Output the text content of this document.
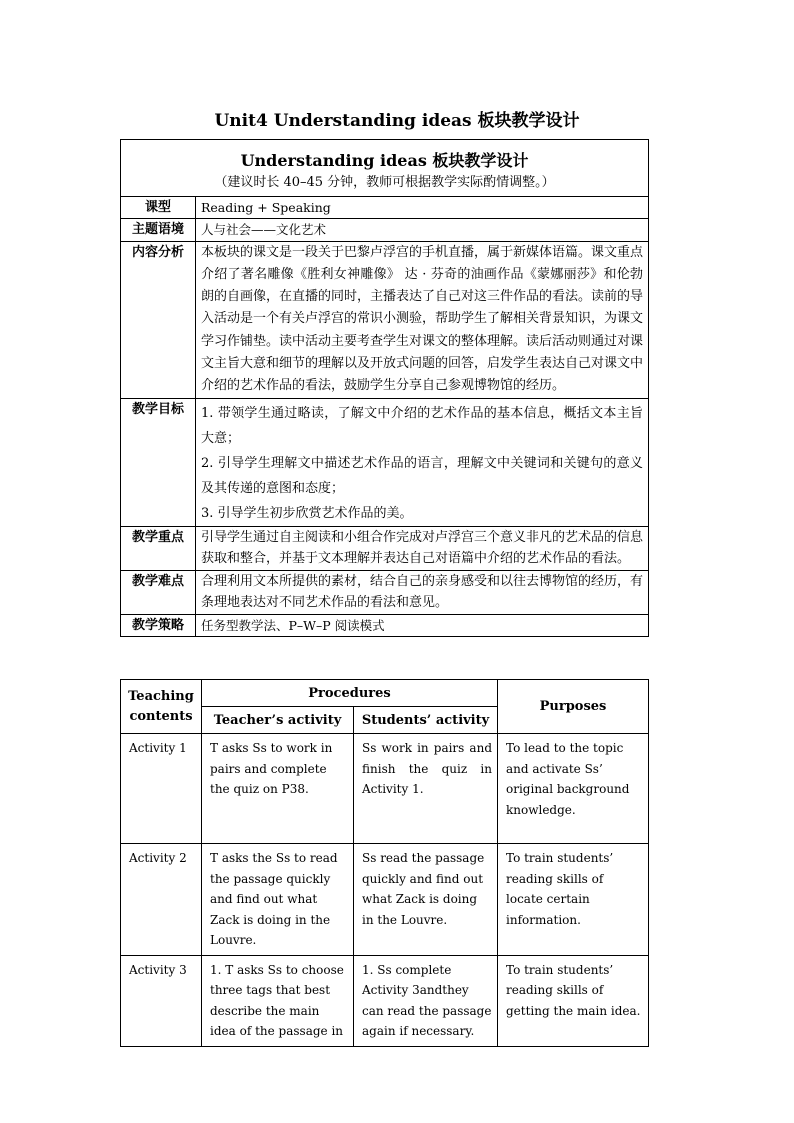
Unit4 Understanding ideas 板块教学设计
Understanding ideas 板块教学设计
（建议时长 40–45 分钟，教师可根据教学实际酌情调整。）	

课型	Reading + Speaking
主题语境	人与社会——文化艺术
内容分析	本板块的课文是一段关于巴黎卢浮宫的手机直播，属于新媒体语篇。课文重点介绍了著名雕像《胜利女神雕像》 达 · 芬奇的油画作品《蒙娜丽莎》和伦勃朗的自画像，在直播的同时，主播表达了自己对这三件作品的看法。读前的导入活动是一个有关卢浮宫的常识小测验，帮助学生了解相关背景知识，为课文学习作铺垫。读中活动主要考查学生对课文的整体理解。读后活动则通过对课文主旨大意和细节的理解以及开放式问题的回答，启发学生表达自己对课文中介绍的艺术作品的看法，鼓励学生分享自己参观博物馆的经历。
教学目标	1. 带领学生通过略读，了解文中介绍的艺术作品的基本信息，概括文本主旨大意；
2. 引导学生理解文中描述艺术作品的语言，理解文中关键词和关键句的意义及其传递的意图和态度；
3. 引导学生初步欣赏艺术作品的美。

教学重点	引导学生通过自主阅读和小组合作完成对卢浮宫三个意义非凡的艺术品的信息获取和整合，并基于文本理解并表达自己对语篇中介绍的艺术作品的看法。
教学难点	合理利用文本所提供的素材，结合自己的亲身感受和以往去博物馆的经历，有条理地表达对不同艺术作品的看法和意见。
教学策略	任务型教学法、P–W–P 阅读模式
Teaching contents	Procedures		Purposes
	Teacher’s activity	Students’ activity	
Activity 1	T asks Ss to work in pairs and complete the quiz on P38.	Ss work in pairs and finish the quiz in Activity 1.	To lead to the topic and activate Ss’ original background knowledge.
Activity 2	T asks the Ss to read the passage quickly and find out what Zack is doing in the Louvre.	Ss read the passage quickly and find out what Zack is doing in the Louvre.	To train students’ reading skills of locate certain information.
Activity 3	1. T asks Ss to choose three tags that best describe the main idea of the passage in	1. Ss complete Activity 3andthey can read the passage again if necessary.	To train students’ reading skills of getting the main idea.
